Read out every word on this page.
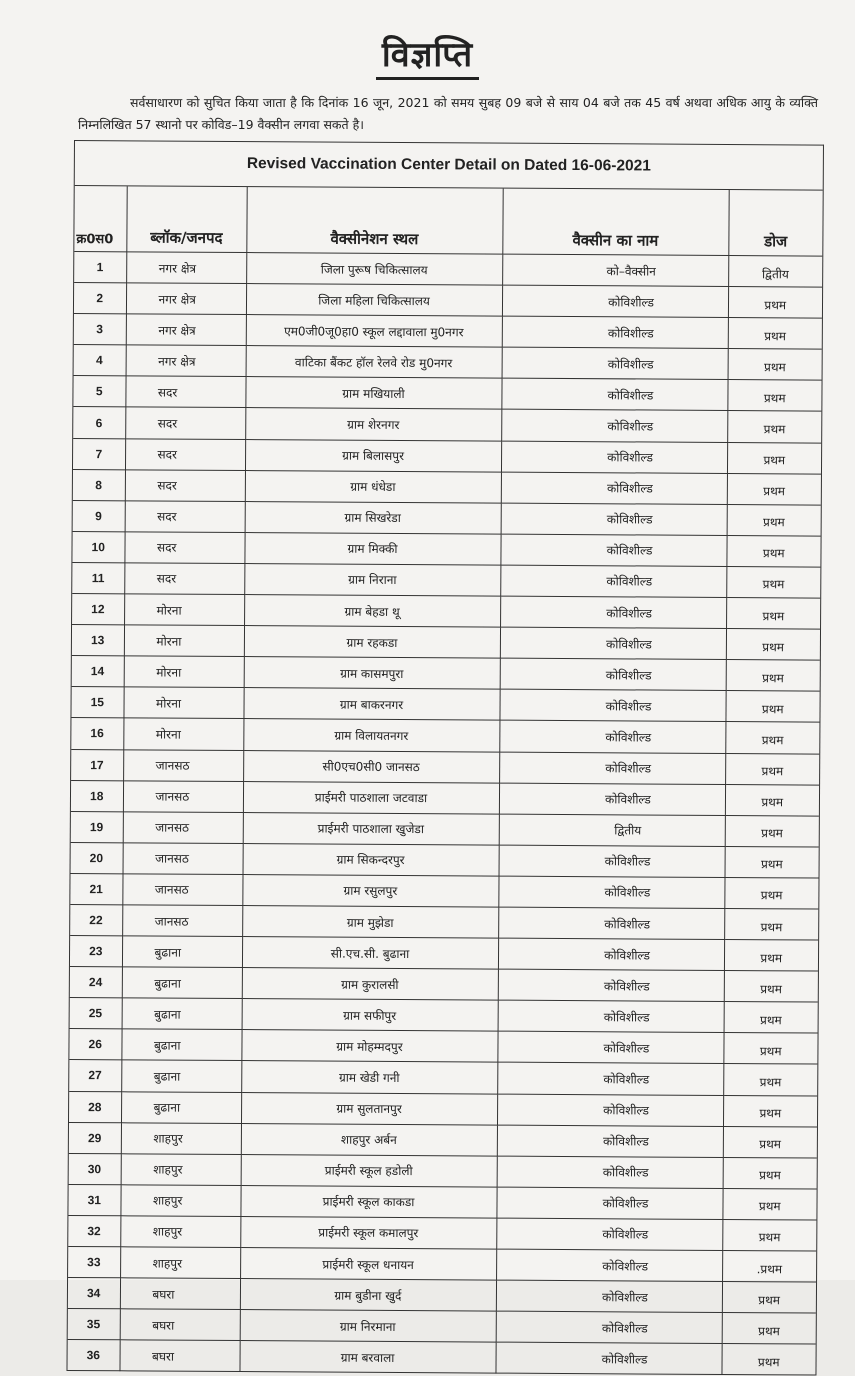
विज्ञप्ति
सर्वसाधारण को सुचित किया जाता है कि दिनांक 16 जून, 2021 को समय सुबह 09 बजे से साय 04 बजे तक 45 वर्ष अथवा अधिक आयु के व्यक्ति निम्नलिखित 57 स्थानो पर कोविड–19 वैक्सीन लगवा सकते है।
Revised Vaccination Center Detail on Dated 16-06-2021
क्र0स0	ब्लॉक/जनपद	वैक्सीनेशन स्थल	वैक्सीन का नाम	डोज
1	नगर क्षेत्र	जिला पुरूष चिकित्सालय	को–वैक्सीन	द्वितीय
2	नगर क्षेत्र	जिला महिला चिकित्सालय	कोविशील्ड	प्रथम
3	नगर क्षेत्र	एम0जी0जू0हा0 स्कूल लद्दावाला मु0नगर	कोविशील्ड	प्रथम
4	नगर क्षेत्र	वाटिका बैंकट हॉल रेलवे रोड मु0नगर	कोविशील्ड	प्रथम
5	सदर	ग्राम मखियाली	कोविशील्ड	प्रथम
6	सदर	ग्राम शेरनगर	कोविशील्ड	प्रथम
7	सदर	ग्राम बिलासपुर	कोविशील्ड	प्रथम
8	सदर	ग्राम धंधेडा	कोविशील्ड	प्रथम
9	सदर	ग्राम सिखरेडा	कोविशील्ड	प्रथम
10	सदर	ग्राम मिक्की	कोविशील्ड	प्रथम
11	सदर	ग्राम निराना	कोविशील्ड	प्रथम
12	मोरना	ग्राम बेहडा थू	कोविशील्ड	प्रथम
13	मोरना	ग्राम रहकडा	कोविशील्ड	प्रथम
14	मोरना	ग्राम कासमपुरा	कोविशील्ड	प्रथम
15	मोरना	ग्राम बाकरनगर	कोविशील्ड	प्रथम
16	मोरना	ग्राम विलायतनगर	कोविशील्ड	प्रथम
17	जानसठ	सी0एच0सी0 जानसठ	कोविशील्ड	प्रथम
18	जानसठ	प्राईमरी पाठशाला जटवाडा	कोविशील्ड	प्रथम
19	जानसठ	प्राईमरी पाठशाला खुजेडा	द्वितीय	प्रथम
20	जानसठ	ग्राम सिकन्दरपुर	कोविशील्ड	प्रथम
21	जानसठ	ग्राम रसुलपुर	कोविशील्ड	प्रथम
22	जानसठ	ग्राम मुझेडा	कोविशील्ड	प्रथम
23	बुढाना	सी.एच.सी. बुढाना	कोविशील्ड	प्रथम
24	बुढाना	ग्राम कुरालसी	कोविशील्ड	प्रथम
25	बुढाना	ग्राम सफीपुर	कोविशील्ड	प्रथम
26	बुढाना	ग्राम मोहम्मदपुर	कोविशील्ड	प्रथम
27	बुढाना	ग्राम खेडी गनी	कोविशील्ड	प्रथम
28	बुढाना	ग्राम सुलतानपुर	कोविशील्ड	प्रथम
29	शाहपुर	शाहपुर अर्बन	कोविशील्ड	प्रथम
30	शाहपुर	प्राईमरी स्कूल हडोली	कोविशील्ड	प्रथम
31	शाहपुर	प्राईमरी स्कूल काकडा	कोविशील्ड	प्रथम
32	शाहपुर	प्राईमरी स्कूल कमालपुर	कोविशील्ड	प्रथम
33	शाहपुर	प्राईमरी स्कूल धनायन	कोविशील्ड	.प्रथम
34	बघरा	ग्राम बुडीना खुर्द	कोविशील्ड	प्रथम
35	बघरा	ग्राम निरमाना	कोविशील्ड	प्रथम
36	बघरा	ग्राम बरवाला	कोविशील्ड	प्रथम
